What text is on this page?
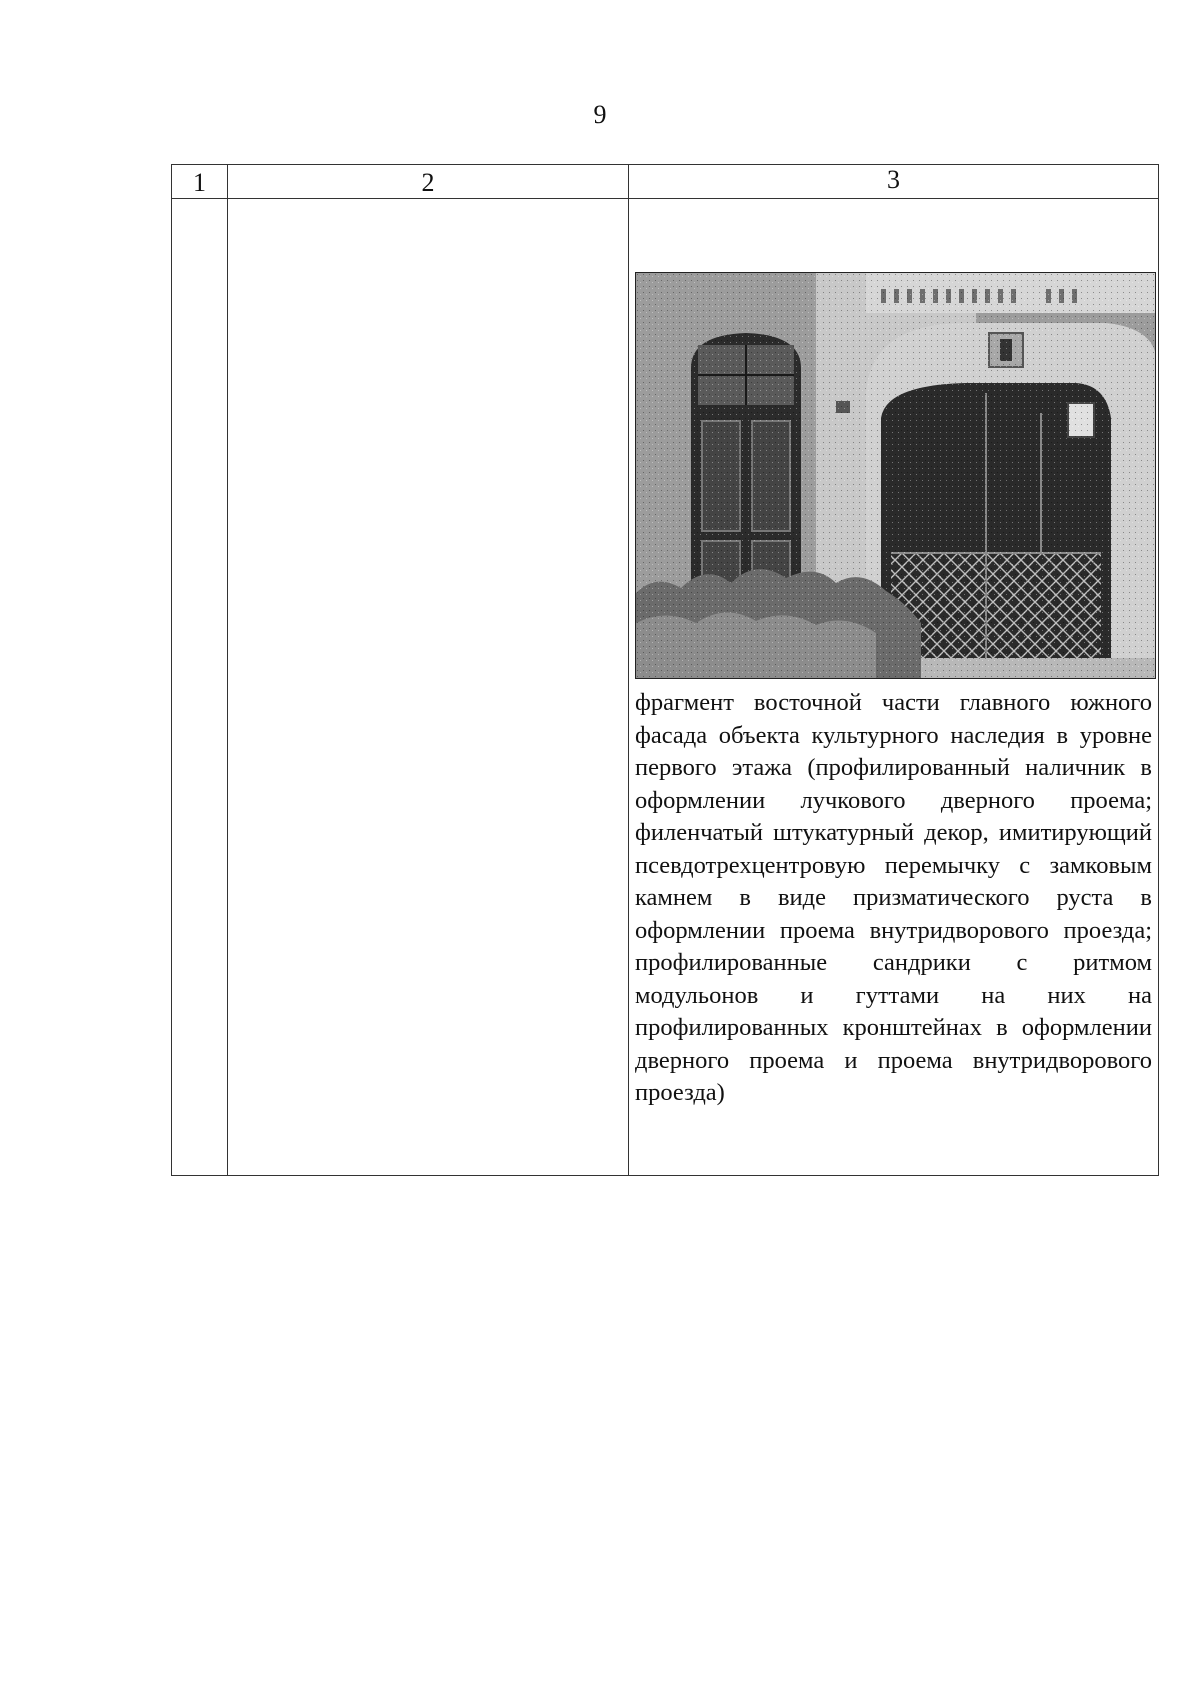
9
1	2	3

		фрагмент восточной части главного южного фасада объекта культурного наследия в уровне первого этажа (профилированный наличник в оформлении лучкового дверного проема; филенчатый штукатурный декор, имитирующий псевдотрехцентровую перемычку с замковым камнем в виде призматического руста в оформлении проема внутридворового проезда; профилированные сандрики с ритмом модульонов и гуттами на них на профилированных кронштейнах в оформлении дверного проема и проема внутридворового проезда)
